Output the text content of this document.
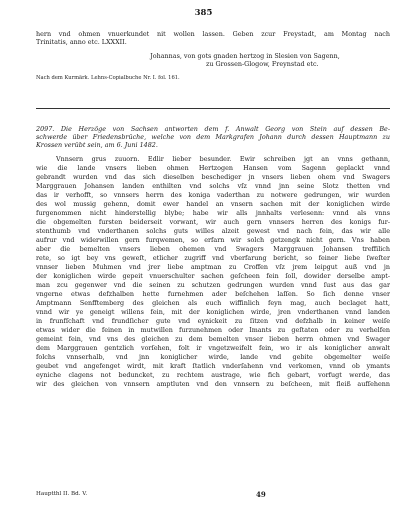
385
hern vnd ohmen vnuerkundet nit wollen lassen. Geben zcur Freystadt, am Montag nach
Trinitatis, anno etc. LXXXII.
Johannas, von gots gnaden hertzog in Slesien von Sagenn,
zu Grossen-Glogow, Freynstad etc.
Nach dem Kurmärk. Lehns-Copialbuche Nr. I. fol. 161.
2097. Die Herzöge von Sachsen antworten dem f. Anwalt Georg von Stein auf dessen Be-
schwerde über Friedensbrüche, welche von dem Markgrafen Johann durch dessen Hauptmann zu
Krossen verübt sein, am 6. Juni 1482.
Vnnsern grus zuuorn. Edlir lieber besunder. Ewir schreiben jgt an vnns gethann,
wie die lande vnsers lieben ohmen Hertzogen Hansen vom Sagenn geplackt vnnd
gebrandt wurden vnd das sich dieselben beschediger jn vnsers lieben ohem vnd Swagers
Marggrauen Johansen landen enthilten vnd solchs vſz vnnd jnn seine Slotz thetten vnd
das ir verhofft, so vnnsers herrn des koniga vaderthan zu notwere gedrungen, wir wurden
des wol mussig gehenn, domit ewer handel an vnsern sachen mit der koniglichen wirde
furgenommen nicht hinderstellig blybe; habe wir alls jnnhalts verlesenn: vnnd als vnns
die obgemelten fursten beiderseit vorwant, wir auch gern vnnsers herren des konigs fur-
stenthumb vnd vnderthanen solchs guts willes alzeit gewest vnd nach fein, das wir alle
aufrur vnd widerwillen gern furqwemen, so erfarn wir solch getzengk nicht gern. Vns haben
aber die bemelten vnsers lieben ohemen vnd Swagers Marggrauen Johansen treffilich
rete, so igt bey vns geweſt, etlicher zugriff vnd vberfarung bericht, so feiner liebe ſweſter
vnnser lieben Muhmen vnd jrer liebe amptman zu Croffen vſz jrem leipgut auß vnd jn
der koniglichen wirde gepeit vnuerschulter sachen geſcheen fein ſoll, dowider derselbe ampt-
man zcu gegenwer vnd die seinen zu schutzen gedrungen wurden vnnd ſust aus das gar
vngerne etwas defzhalben hette furnehmen ader beſchehen laſſen. So ſich denne vnser
Amptmann Senfftemberg des gleichen als euch wiffinlich feyn mag, auch beclaget hatt,
vnnd wir ye geneigt willens fein, mit der koniglichen wirde, jren vnderthanen vnnd landen
in frunfſchaft vnd frundſicher gute vnd eynickeit zu ſitzen vnd defzhalb in keiner weiſe
etwas wider die feinen in mutwillen furzunehmen oder Imants zu geſtaten oder zu verhelfen
gemeint fein, vnd vns des gleichen zu dem bemelten vnser lieben herrn ohmen vnd Swager
dem Marggrauen gentzlich vorſehen, folt ir vngetzweifelt fein, wo ir als koniglicher anwalt
folchs vnnserhalb, vnd jnn koniglicher wirde, lande vnd gebite obgemelter weiſe
geubet vnd angefenget wirdt, mit kraft ſtatlich vnderſahenn vnd verkomen, vnnd ob ymants
eyniche clagens not beduncket, zu rechtem austrage, wie fich gebart, vorfugt werde, das
wir des gleichen von vnnsern amptluten vnd den vnnsern zu beſcheen, mit fleiß aufſehenn
Hauptthl II. Bd. V.	49
